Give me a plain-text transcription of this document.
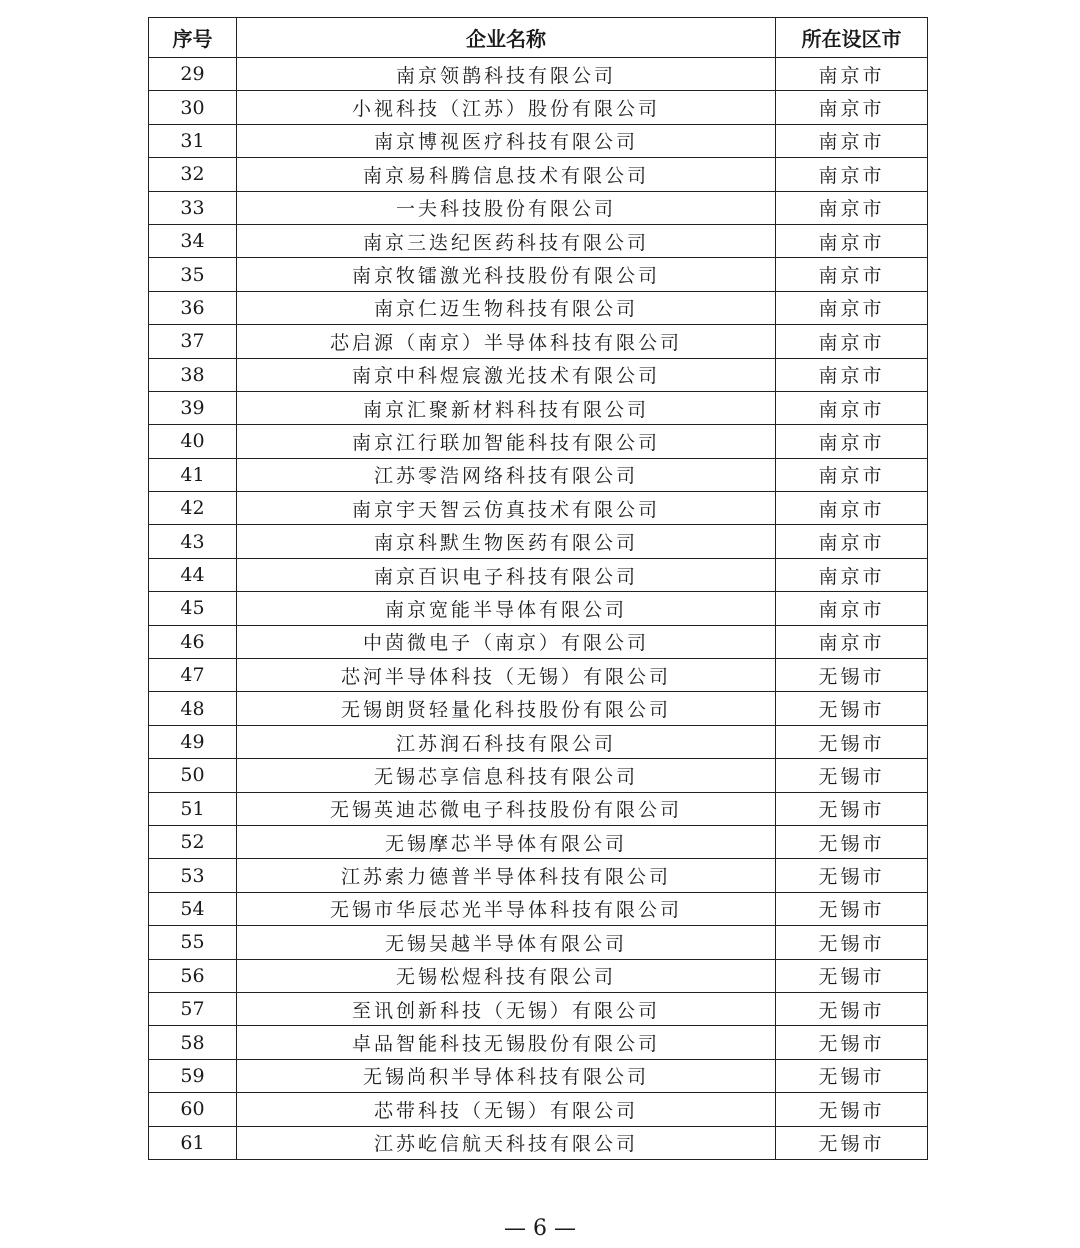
序号	企业名称	所在设区市
29	南京领鹊科技有限公司	南京市
30	小视科技（江苏）股份有限公司	南京市
31	南京博视医疗科技有限公司	南京市
32	南京易科腾信息技术有限公司	南京市
33	一夫科技股份有限公司	南京市
34	南京三迭纪医药科技有限公司	南京市
35	南京牧镭激光科技股份有限公司	南京市
36	南京仁迈生物科技有限公司	南京市
37	芯启源（南京）半导体科技有限公司	南京市
38	南京中科煜宸激光技术有限公司	南京市
39	南京汇聚新材料科技有限公司	南京市
40	南京江行联加智能科技有限公司	南京市
41	江苏零浩网络科技有限公司	南京市
42	南京宇天智云仿真技术有限公司	南京市
43	南京科默生物医药有限公司	南京市
44	南京百识电子科技有限公司	南京市
45	南京宽能半导体有限公司	南京市
46	中茵微电子（南京）有限公司	南京市
47	芯河半导体科技（无锡）有限公司	无锡市
48	无锡朗贤轻量化科技股份有限公司	无锡市
49	江苏润石科技有限公司	无锡市
50	无锡芯享信息科技有限公司	无锡市
51	无锡英迪芯微电子科技股份有限公司	无锡市
52	无锡摩芯半导体有限公司	无锡市
53	江苏索力德普半导体科技有限公司	无锡市
54	无锡市华辰芯光半导体科技有限公司	无锡市
55	无锡吴越半导体有限公司	无锡市
56	无锡松煜科技有限公司	无锡市
57	至讯创新科技（无锡）有限公司	无锡市
58	卓品智能科技无锡股份有限公司	无锡市
59	无锡尚积半导体科技有限公司	无锡市
60	芯带科技（无锡）有限公司	无锡市
61	江苏屹信航天科技有限公司	无锡市
— 6 —
